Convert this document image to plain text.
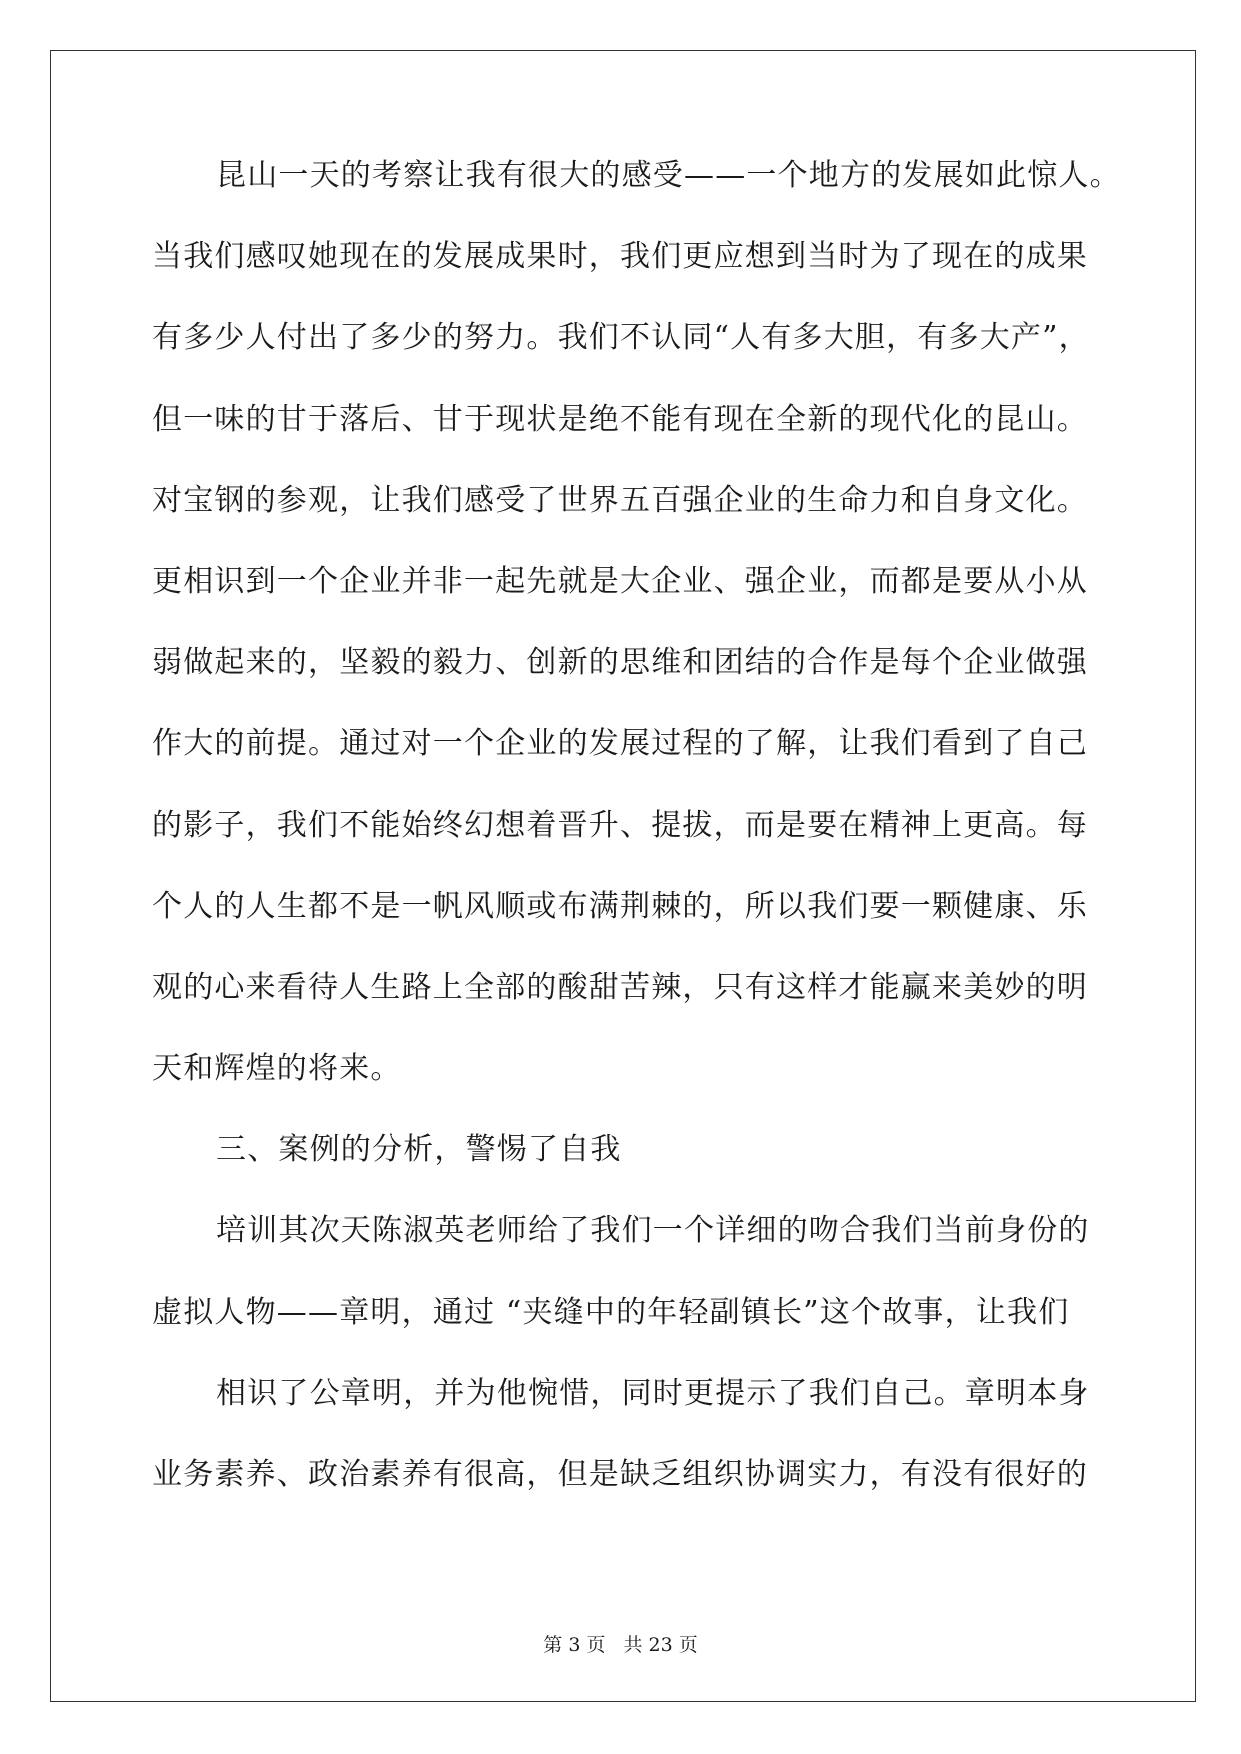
昆山一天的考察让我有很大的感受——一个地方的发展如此惊人。
当我们感叹她现在的发展成果时，我们更应想到当时为了现在的成果
有多少人付出了多少的努力。我们不认同“人有多大胆，有多大产”，
但一味的甘于落后、甘于现状是绝不能有现在全新的现代化的昆山。
对宝钢的参观，让我们感受了世界五百强企业的生命力和自身文化。
更相识到一个企业并非一起先就是大企业、强企业，而都是要从小从
弱做起来的，坚毅的毅力、创新的思维和团结的合作是每个企业做强
作大的前提。通过对一个企业的发展过程的了解，让我们看到了自己
的影子，我们不能始终幻想着晋升、提拔，而是要在精神上更高。每
个人的人生都不是一帆风顺或布满荆棘的，所以我们要一颗健康、乐
观的心来看待人生路上全部的酸甜苦辣，只有这样才能赢来美妙的明
天和辉煌的将来。
三、案例的分析，警惕了自我
培训其次天陈淑英老师给了我们一个详细的吻合我们当前身份的
虚拟人物——章明，通过 “夹缝中的年轻副镇长”这个故事，让我们
相识了公章明，并为他惋惜，同时更提示了我们自己。章明本身
业务素养、政治素养有很高，但是缺乏组织协调实力，有没有很好的
第 3 页 共 23 页
